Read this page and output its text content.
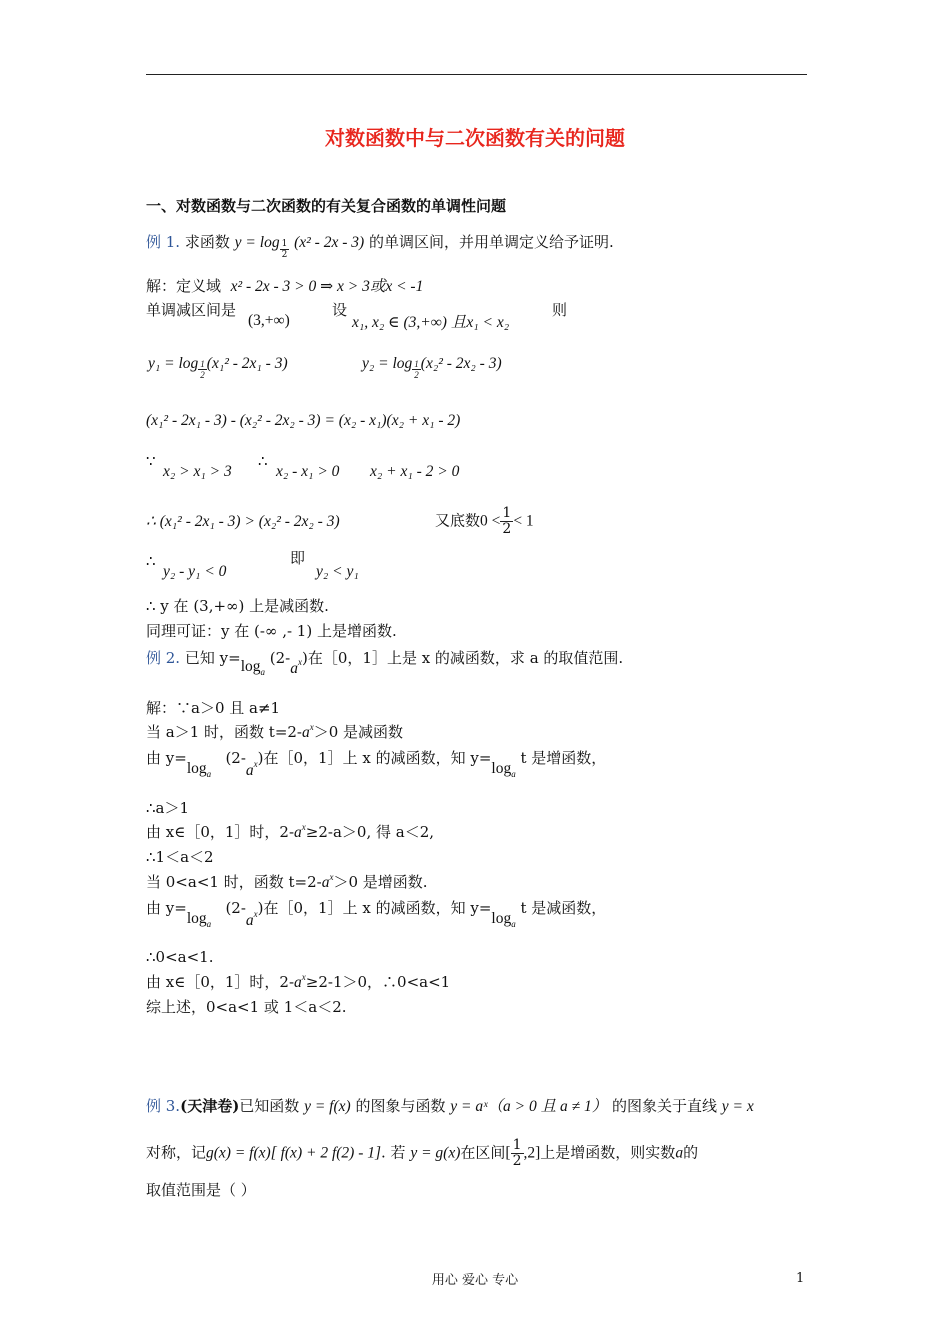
对数函数中与二次函数有关的问题
一、对数函数与二次函数的有关复合函数的单调性问题
例 1. 求函数 $y = \log \frac{1}{2} (x^2 - 2x - 3)$ 的单调区间，并用单调定义给予证明.
解：定义域 x² - 2x - 3 > 0 ⇒ x > 3或x < -1
单调减区间是
(3,+∞)
设
x₁, x₂ ∈ (3,+∞) 且x₁ < x₂
则
$y_1 = \log \frac{1}{2} (x_1^2 - 2x_1 - 3)$	$y_2 = \log \frac{1}{2} (x_2^2 - 2x_2 - 3)$
(x₁² - 2x₁ - 3) - (x₂² - 2x₂ - 3) = (x₂ - x₁)(x₂ + x₁ - 2)
∵
x₂ > x₁ > 3
∴
x₂ - x₁ > 0 x₂ + x₁ - 2 > 0
∴ (x₁² - 2x₁ - 3) > (x₂² - 2x₂ - 3)	又底数$0 < \frac{1}{2} < 1$
∴
y₂ - y₁ < 0
即
y₂ < y₁
∴ y 在 (3,+∞) 上是减函数.
同理可证：y 在 (-∞ ,- 1) 上是增函数.
例 2. 已知 $y=\log_a$ (2-ax)在［0，1］上是 x 的减函数，求 a 的取值范围.
解：∵a＞0 且 a≠1
当 a＞1 时，函数 $t=2-a^x>0$ 是减函数
由 $y=\log_a$   $(2-a_x)$在［0，1］上 x 的减函数，知 $y=\log_a$ t 是增函数，
∴a＞1
由 x∈［0，1］时，$2-a^x\ge 2-a>0$, 得 a＜2,
∴1＜a＜2
当 0<a<1 时，函数 $t=2-a^x>0$ 是增函数.
由 $y=\log_a$   $(2-a_x)$在［0，1］上 x 的减函数，知 $y=\log_a$ t 是减函数，
∴0<a<1.
由 x∈［0，1］时，$2-a^x\ge 2-1>0$，∴0<a<1
综上述，0<a<1 或 1＜a＜2.
例 3.(天津卷)已知函数 y = f(x) 的图象与函数 y = aˣ（a > 0 且 a ≠ 1） 的图象关于直线 y = x
对称，记g(x) = f(x)[ f(x) + 2 f(2) - 1]. 若 y = g(x)在区间[ $\frac{1}{2} ,2$]上是增函数，则实数a的
取值范围是（ ）
用心 爱心 专心	1
